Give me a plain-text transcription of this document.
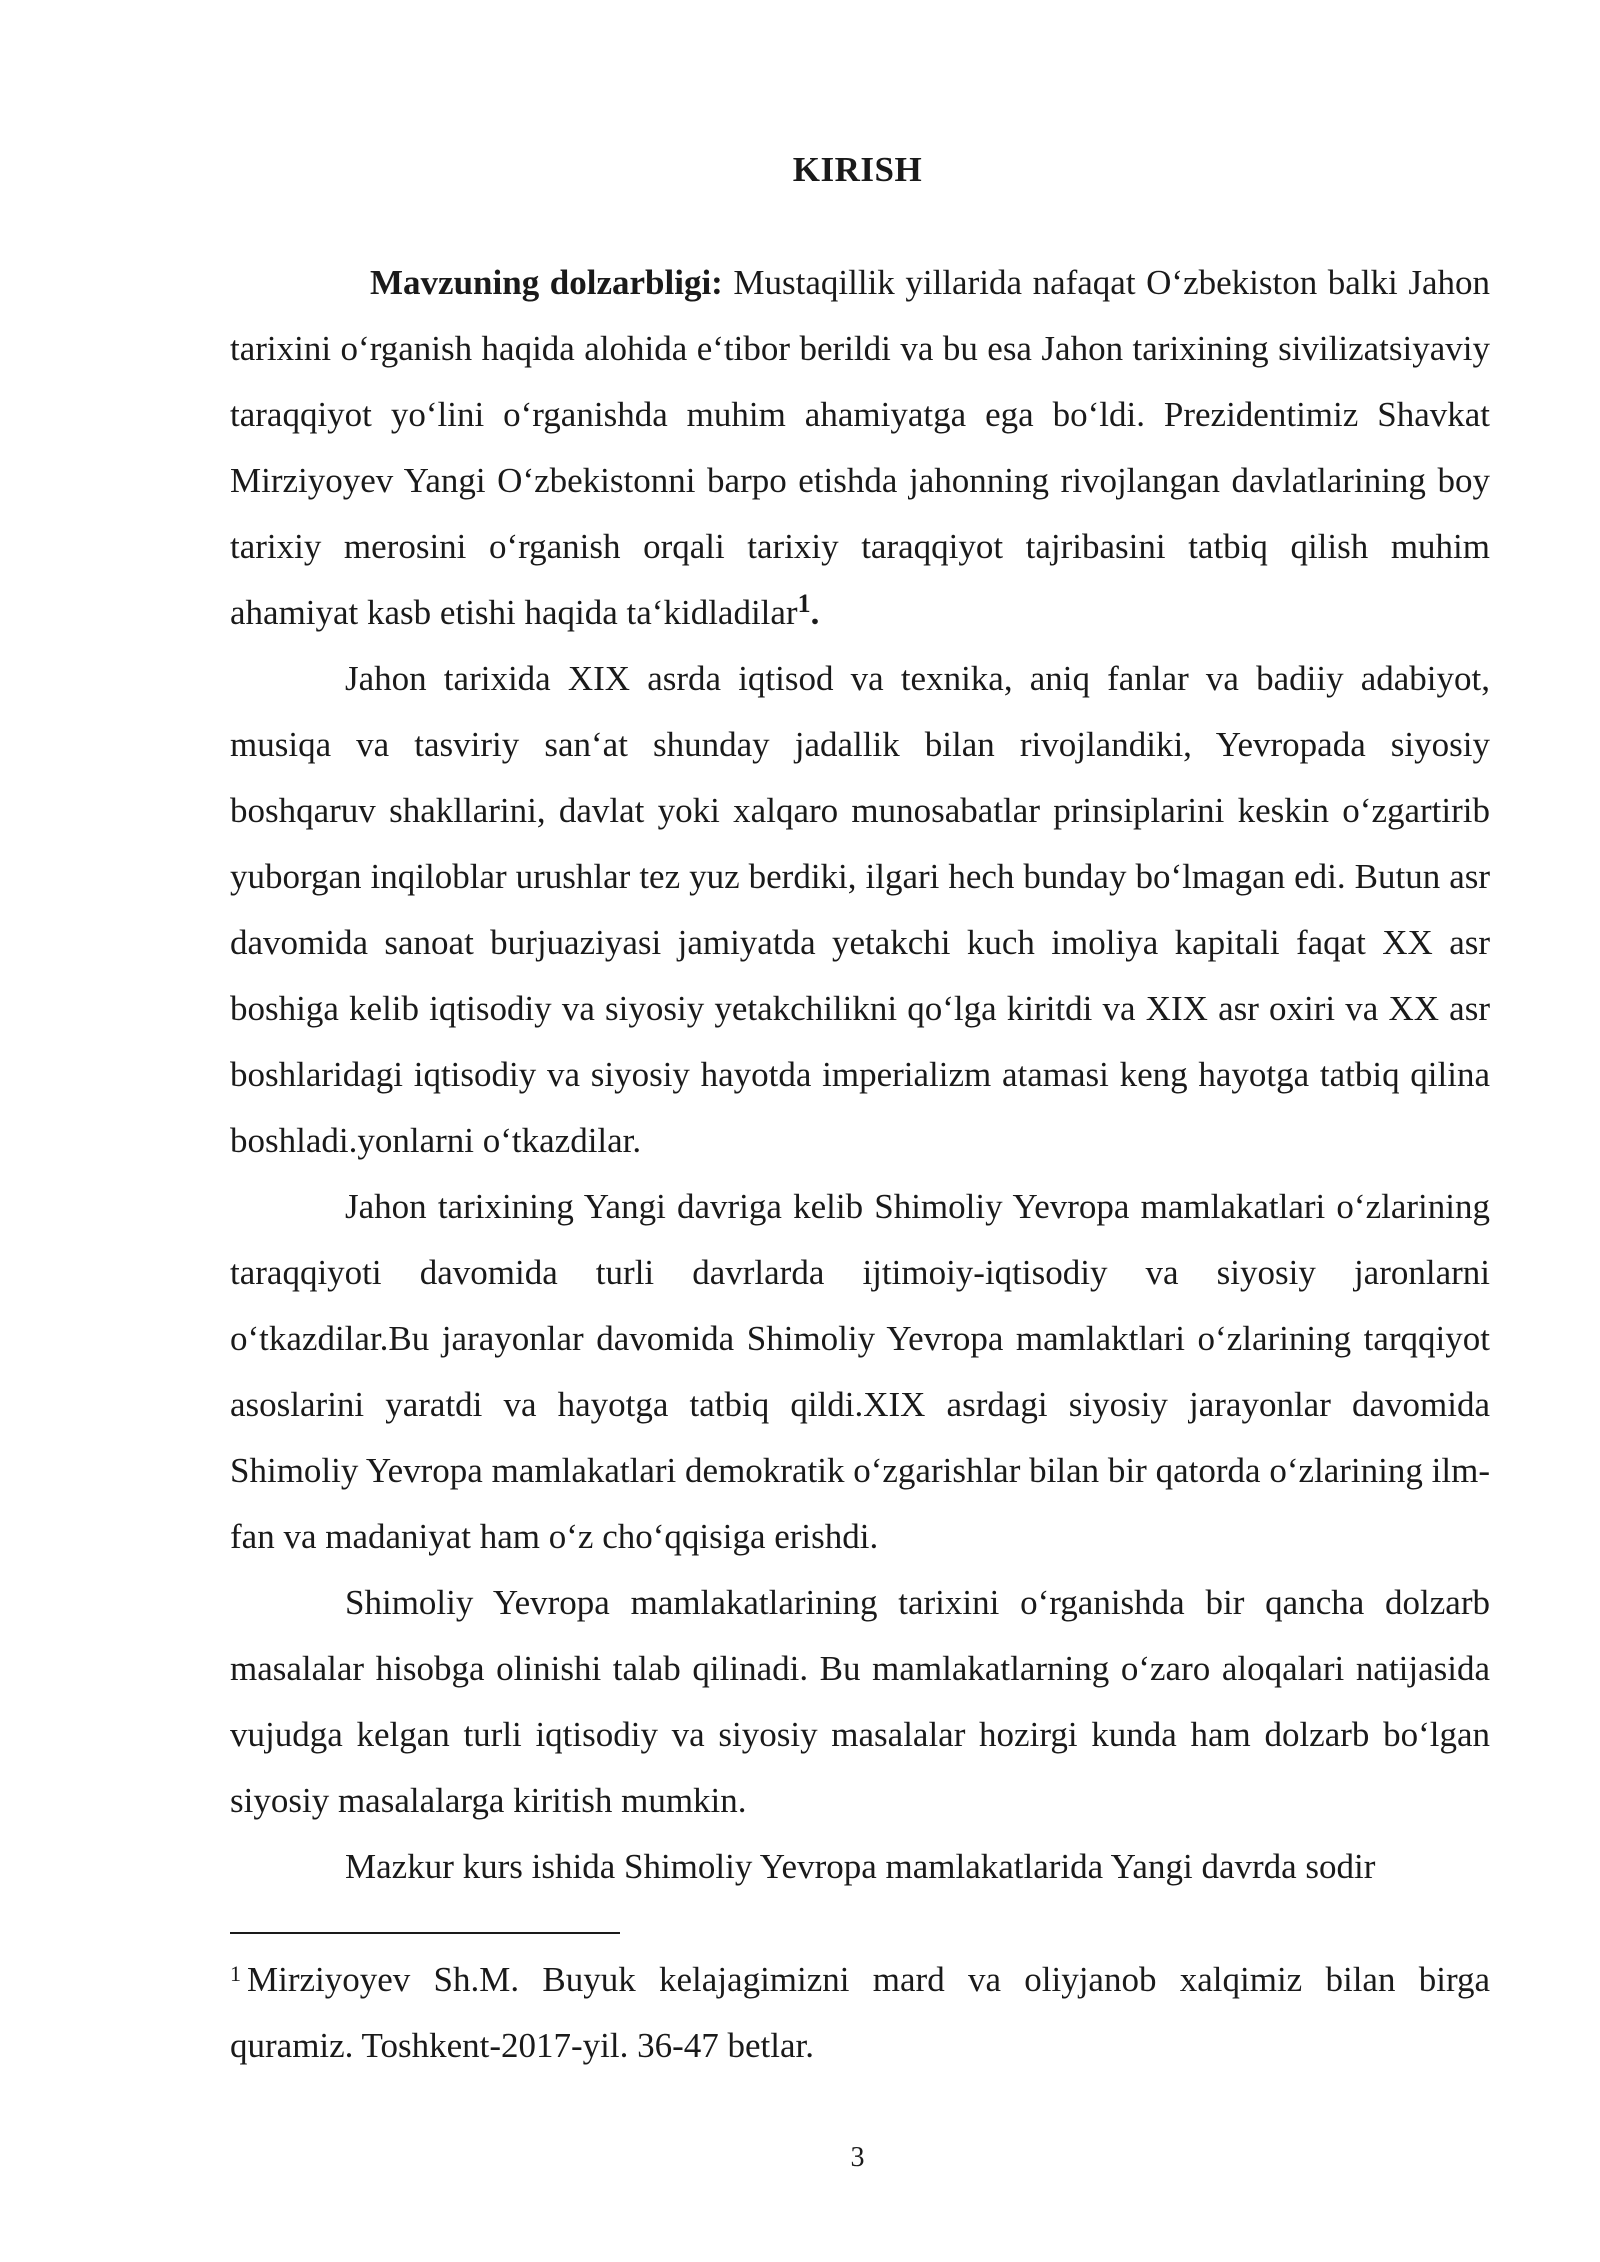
KIRISH

Mavzuning dolzarbligi: Mustaqillik yillarida nafaqat O‘zbekiston balki Jahon tarixini o‘rganish haqida alohida e‘tibor berildi va bu esa Jahon tarixining sivilizatsiyaviy taraqqiyot yo‘lini o‘rganishda muhim ahamiyatga ega bo‘ldi. Prezidentimiz Shavkat Mirziyoyev Yangi O‘zbekistonni barpo etishda jahonning rivojlangan davlatlarining boy tarixiy merosini o‘rganish orqali tarixiy taraqqiyot tajribasini tatbiq qilish muhim ahamiyat kasb etishi haqida ta‘kidladilar$^1$.

Jahon tarixida XIX asrda iqtisod va texnika, aniq fanlar va badiiy adabiyot, musiqa va tasviriy san‘at shunday jadallik bilan rivojlandiki, Yevropada siyosiy boshqaruv shakllarini, davlat yoki xalqaro munosabatlar prinsiplarini keskin o‘zgartirib yuborgan inqiloblar urushlar tez yuz berdiki, ilgari hech bunday bo‘lmagan edi. Butun asr davomida sanoat burjuaziyasi jamiyatda yetakchi kuch imoliya kapitali faqat XX asr boshiga kelib iqtisodiy va siyosiy yetakchilikni qo‘lga kiritdi va XIX asr oxiri va XX asr boshlaridagi iqtisodiy va siyosiy hayotda imperializm atamasi keng hayotga tatbiq qilina boshladi.yonlarni o‘tkazdilar.

Jahon tarixining Yangi davriga kelib Shimoliy Yevropa mamlakatlari o‘zlarining taraqqiyoti davomida turli davrlarda ijtimoiy-iqtisodiy va siyosiy jaronlarni o‘tkazdilar.Bu jarayonlar davomida Shimoliy Yevropa mamlaktlari o‘zlarining tarqqiyot asoslarini yaratdi va hayotga tatbiq qildi.XIX asrdagi siyosiy jarayonlar davomida Shimoliy Yevropa mamlakatlari demokratik o‘zgarishlar bilan bir qatorda o‘zlarining ilm-fan va madaniyat ham o‘z cho‘qqisiga erishdi.

Shimoliy Yevropa mamlakatlarining tarixini o‘rganishda bir qancha dolzarb masalalar hisobga olinishi talab qilinadi. Bu mamlakatlarning o‘zaro aloqalari natijasida vujudga kelgan turli iqtisodiy va siyosiy masalalar hozirgi kunda ham dolzarb bo‘lgan siyosiy masalalarga kiritish mumkin.

Mazkur kurs ishida Shimoliy Yevropa mamlakatlarida Yangi davrda sodir

$^1$ Mirziyoyev Sh.M. Buyuk kelajagimizni mard va oliyjanob xalqimiz bilan birga quramiz. Toshkent-2017-yil. 36-47 betlar.
3
